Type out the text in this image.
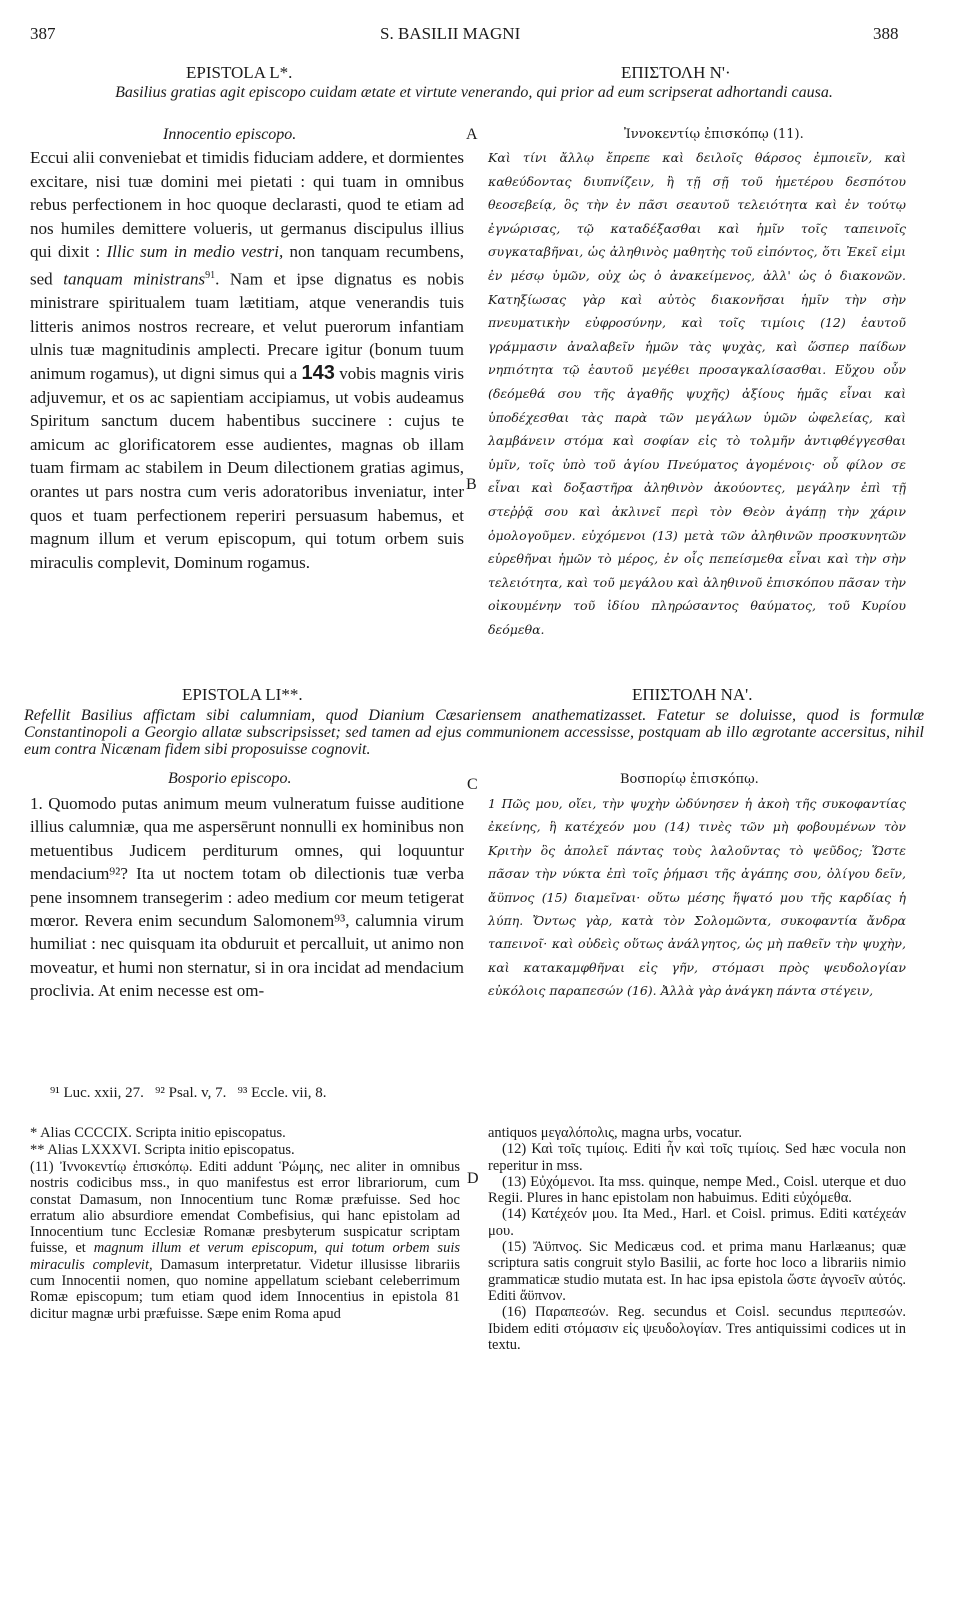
387	S. BASILII MAGNI	388
EPISTOLA L*.	ΕΠΙΣΤΟΛΗ Ν'·
Basilius gratias agit episcopo cuidam ætate et virtute venerando, qui prior ad eum scripserat adhortandi causa.
Innocentio episcopo.	A	Ἰννοκεντίῳ ἐπισκόπῳ (11).
Eccui alii conveniebat et timidis fiduciam addere, et dormientes excitare, nisi tuæ domini mei pietati : qui tuam in omnibus rebus perfectionem in hoc quoque declarasti, quod te etiam ad nos humiles demittere volueris, ut germanus discipulus illius qui dixit : Illic sum in medio vestri, non tanquam recumbens, sed tanquam ministrans$^{91}$. Nam et ipse dignatus es nobis ministrare spiritualem tuam lætitiam, atque venerandis tuis litteris animos nostros recreare, et velut puerorum infantiam ulnis tuæ magnitudinis amplecti. Precare igitur (bonum tuum animum rogamus), ut digni simus qui a 143 vobis magnis viris adjuvemur, et os ac sapientiam accipiamus, ut vobis audeamus Spiritum sanctum ducem habentibus succinere : cujus te amicum ac glorificatorem esse audientes, magnas ob illam tuam firmam ac stabilem in Deum dilectionem gratias agimus, orantes ut pars nostra cum veris adoratoribus inveniatur, inter quos et tuam perfectionem reperiri persuasum habemus, et magnum illum et verum episcopum, qui totum orbem suis miraculis complevit, Dominum rogamus.
Καὶ τίνι ἄλλῳ ἔπρεπε καὶ δειλοῖς θάρσος ἐμποιεῖν, καὶ καθεύδοντας διυπνίζειν, ἢ τῇ σῇ τοῦ ἡμετέρου δεσπότου θεοσεβείᾳ, ὃς τὴν ἐν πᾶσι σεαυτοῦ τελειότητα καὶ ἐν τούτῳ ἐγνώρισας, τῷ καταδέξασθαι καὶ ἡμῖν τοῖς ταπεινοῖς συγκαταβῆναι, ὡς ἀληθινὸς μαθητὴς τοῦ εἰπόντος, ὅτι Ἐκεῖ εἰμι ἐν μέσῳ ὑμῶν, οὐχ ὡς ὁ ἀνακείμενος, ἀλλ' ὡς ὁ διακονῶν. Κατηξίωσας γὰρ καὶ αὐτὸς διακονῆσαι ἡμῖν τὴν σὴν πνευματικὴν εὐφροσύνην, καὶ τοῖς τιμίοις (12) ἑαυτοῦ γράμμασιν ἀναλαβεῖν ἡμῶν τὰς ψυχὰς, καὶ ὥσπερ παίδων νηπιότητα τῷ ἑαυτοῦ μεγέθει προσαγκαλίσασθαι. Εὔχου οὖν (δεόμεθά σου τῆς ἀγαθῆς ψυχῆς) ἀξίους ἡμᾶς εἶναι καὶ ὑποδέχεσθαι τὰς παρὰ τῶν μεγάλων ὑμῶν ὠφελείας, καὶ λαμβάνειν στόμα καὶ σοφίαν εἰς τὸ τολμῆν ἀντιφθέγγεσθαι ὑμῖν, τοῖς ὑπὸ τοῦ ἁγίου Πνεύματος ἀγομένοις· οὗ φίλον σε εἶναι καὶ δοξαστῆρα ἀληθινὸν ἀκούοντες, μεγάλην ἐπὶ τῇ στεῤῥᾷ σου καὶ ἀκλινεῖ περὶ τὸν Θεὸν ἀγάπῃ τὴν χάριν ὁμολογοῦμεν. εὐχόμενοι (13) μετὰ τῶν ἀληθινῶν προσκυνητῶν εὑρεθῆναι ἡμῶν τὸ μέρος, ἐν οἷς πεπείσμεθα εἶναι καὶ τὴν σὴν τελειότητα, καὶ τοῦ μεγάλου καὶ ἀληθινοῦ ἐπισκόπου πᾶσαν τὴν οἰκουμένην τοῦ ἰδίου πληρώσαντος θαύματος, τοῦ Κυρίου δεόμεθα.
B
EPISTOLA LI**.	ΕΠΙΣΤΟΛΗ ΝΑ'.
Refellit Basilius affictam sibi calumniam, quod Dianium Cæsariensem anathematizasset. Fatetur se doluisse, quod is formulæ Constantinopoli a Georgio allatæ subscripsisset; sed tamen ad ejus communionem accessisse, postquam ab illo ægrotante accersitus, nihil eum contra Nicænam fidem sibi proposuisse cognovit.
Bosporio episcopo.	C	Βοσπορίῳ ἐπισκόπῳ.
1. Quomodo putas animum meum vulneratum fuisse auditione illius calumniæ, qua me aspersērunt nonnulli ex hominibus non metuentibus Judicem perditurum omnes, qui loquuntur mendacium⁹²? Ita ut noctem totam ob dilectionis tuæ verba pene insomnem transegerim : adeo medium cor meum tetigerat mœror. Revera enim secundum Salomonem⁹³, calumnia virum humiliat : nec quisquam ita obduruit et percalluit, ut animo non moveatur, et humi non sternatur, si in ora incidat ad mendacium proclivia. At enim necesse est om-
1 Πῶς μου, οἴει, τὴν ψυχὴν ὠδύνησεν ἡ ἀκοὴ τῆς συκοφαντίας ἐκείνης, ἣ κατέχεόν μου (14) τινὲς τῶν μὴ φοβουμένων τὸν Κριτὴν ὃς ἀπολεῖ πάντας τοὺς λαλοῦντας τὸ ψεῦδος; Ὥστε πᾶσαν τὴν νύκτα ἐπὶ τοῖς ῥήμασι τῆς ἀγάπης σου, ὀλίγου δεῖν, ἄϋπνος (15) διαμεῖναι· οὕτω μέσης ἥψατό μου τῆς καρδίας ἡ λύπη. Ὄντως γὰρ, κατὰ τὸν Σολομῶντα, συκοφαντία ἄνδρα ταπεινοῖ· καὶ οὐδεὶς οὕτως ἀνάλγητος, ὡς μὴ παθεῖν τὴν ψυχὴν, καὶ κατακαμφθῆναι εἰς γῆν, στόμασι πρὸς ψευδολογίαν εὐκόλοις παραπεσών (16). Ἀλλὰ γὰρ ἀνάγκη πάντα στέγειν,
⁹¹ Luc. xxii, 27.   ⁹² Psal. v, 7.   ⁹³ Eccle. vii, 8.
* Alias CCCCIX. Scripta initio episcopatus.
** Alias LXXXVI. Scripta initio episcopatus.
(11) Ἰννοκεντίῳ ἐπισκόπῳ. Editi addunt Ῥώμης, nec aliter in omnibus nostris codicibus mss., in quo manifestus est error librariorum, cum constat Damasum, non Innocentium tunc Romæ præfuisse. Sed hoc erratum alio absurdiore emendat Combefisius, qui hanc epistolam ad Innocentium tunc Ecclesiæ Romanæ presbyterum suspicatur scriptam fuisse, et magnum illum et verum episcopum, qui totum orbem suis miraculis complevit, Damasum interpretatur. Videtur illusisse librariis cum Innocentii nomen, quo nomine appellatum sciebant celeberrimum Romæ episcopum; tum etiam quod idem Innocentius in epistola 81 dicitur magnæ urbi præfuisse. Sæpe enim Roma apud
D

antiquos μεγαλόπολις, magna urbs, vocatur.

(12) Καὶ τοῖς τιμίοις. Editi ἦν καὶ τοῖς τιμίοις. Sed hæc vocula non reperitur in mss.

(13) Εὐχόμενοι. Ita mss. quinque, nempe Med., Coisl. uterque et duo Regii. Plures in hanc epistolam non habuimus. Editi εὐχόμεθα.

(14) Κατέχεόν μου. Ita Med., Harl. et Coisl. primus. Editi κατέχεάν μου.

(15) Ἄϋπνος. Sic Medicæus cod. et prima manu Harlæanus; quæ scriptura satis congruit stylo Basilii, ac forte hoc loco a librariis nimio grammaticæ studio mutata est. In hac ipsa epistola ὥστε ἀγνοεῖν αὐτός. Editi ἄϋπνον.

(16) Παραπεσών. Reg. secundus et Coisl. secundus περιπεσών. Ibidem editi στόμασιν εἰς ψευδολογίαν. Tres antiquissimi codices ut in textu.
